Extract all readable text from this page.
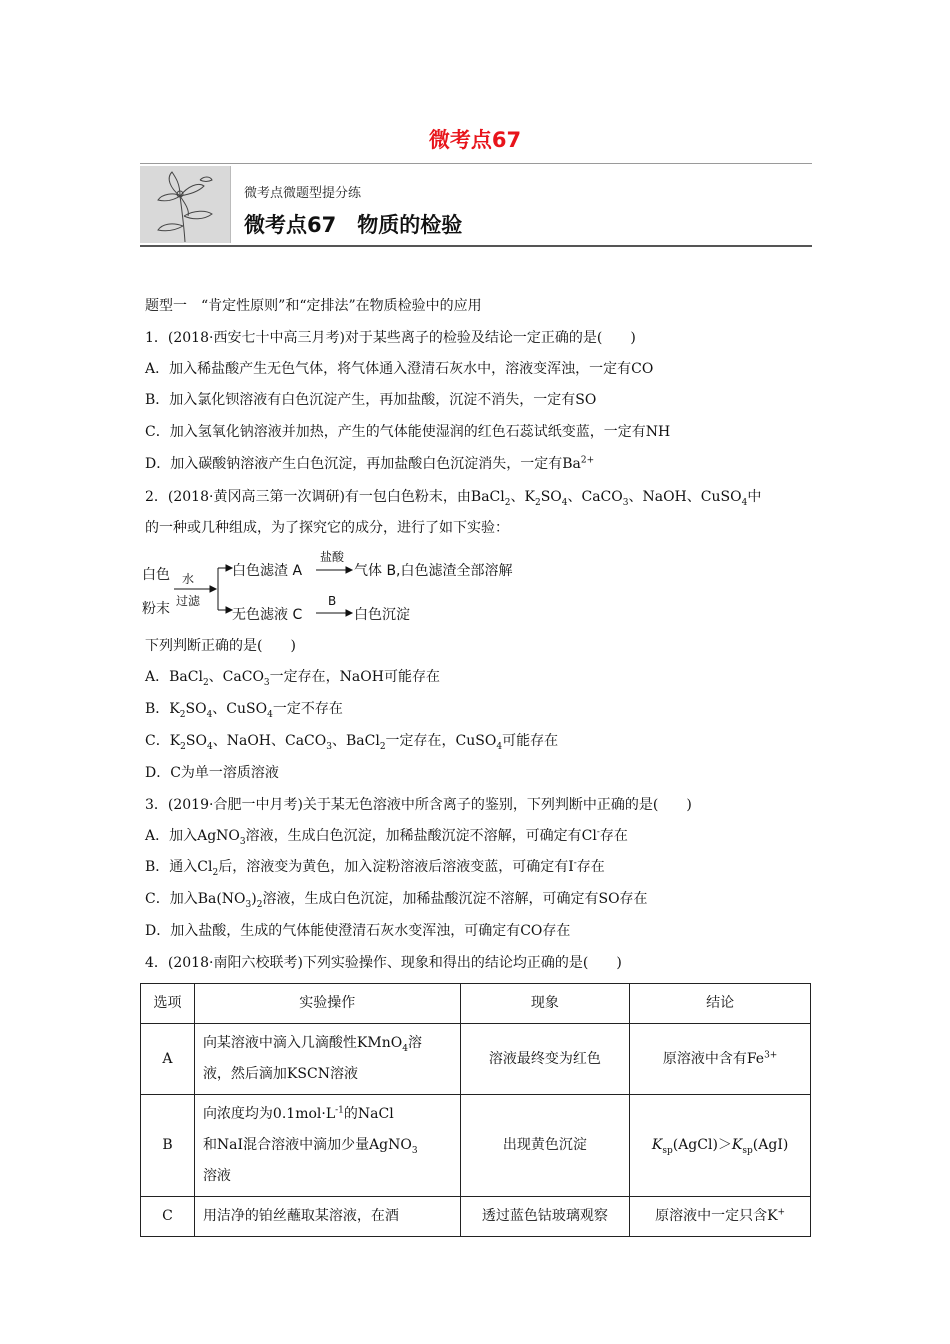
微考点67
微考点微题型提分练
微考点67　物质的检验
题型一　“肯定性原则”和“定排法”在物质检验中的应用
1．(2018·西安七十中高三月考)对于某些离子的检验及结论一定正确的是(　　)
A．加入稀盐酸产生无色气体，将气体通入澄清石灰水中，溶液变浑浊，一定有CO
B．加入氯化钡溶液有白色沉淀产生，再加盐酸，沉淀不消失，一定有SO
C．加入氢氧化钠溶液并加热，产生的气体能使湿润的红色石蕊试纸变蓝，一定有NH
D．加入碳酸钠溶液产生白色沉淀，再加盐酸白色沉淀消失，一定有$Ba^{2+}$
2．(2018·黄冈高三第一次调研)有一包白色粉末，由BaCl$_2$、$K_2SO_4$、CaCO$_3$、NaOH、CuSO$_4$中
的一种或几种组成，为了探究它的成分，进行了如下实验：
白色
粉末
水
过滤
白色滤渣 A
盐酸
气体 B,白色滤渣全部溶解
无色滤液 C
B
白色沉淀
下列判断正确的是(　　)
A．BaCl$_2$、CaCO$_3$一定存在，NaOH可能存在
B．$K_2SO_4$、CuSO$_4$一定不存在
C．$K_2SO_4$、NaOH、CaCO$_3$、BaCl$_2$一定存在，CuSO$_4$可能存在
D．C为单一溶质溶液
3．(2019·合肥一中月考)关于某无色溶液中所含离子的鉴别，下列判断中正确的是(　　)
A．加入AgNO$_3$溶液，生成白色沉淀，加稀盐酸沉淀不溶解，可确定有Cl-存在
B．通入$Cl_2$后，溶液变为黄色，加入淀粉溶液后溶液变蓝，可确定有I-存在
C．加入$Ba(NO_3)_2$溶液，生成白色沉淀，加稀盐酸沉淀不溶解，可确定有SO存在
D．加入盐酸，生成的气体能使澄清石灰水变浑浊，可确定有CO存在
4．(2018·南阳六校联考)下列实验操作、现象和得出的结论均正确的是(　　)
选项	实验操作	现象	结论
A	向某溶液中滴入几滴酸性KMnO$_4$溶
液，然后滴加KSCN溶液	溶液最终变为红色	原溶液中含有$Fe^{3+}$
B	向浓度均为$0.1mol\cdot L^{-1}$的NaCl
和NaI混合溶液中滴加少量AgNO$_3$
溶液	出现黄色沉淀	$K_{sp}(AgCl)>K_{sp}(AgI)$
C	用洁净的铂丝蘸取某溶液，在酒	透过蓝色钴玻璃观察	原溶液中一定只含K+
